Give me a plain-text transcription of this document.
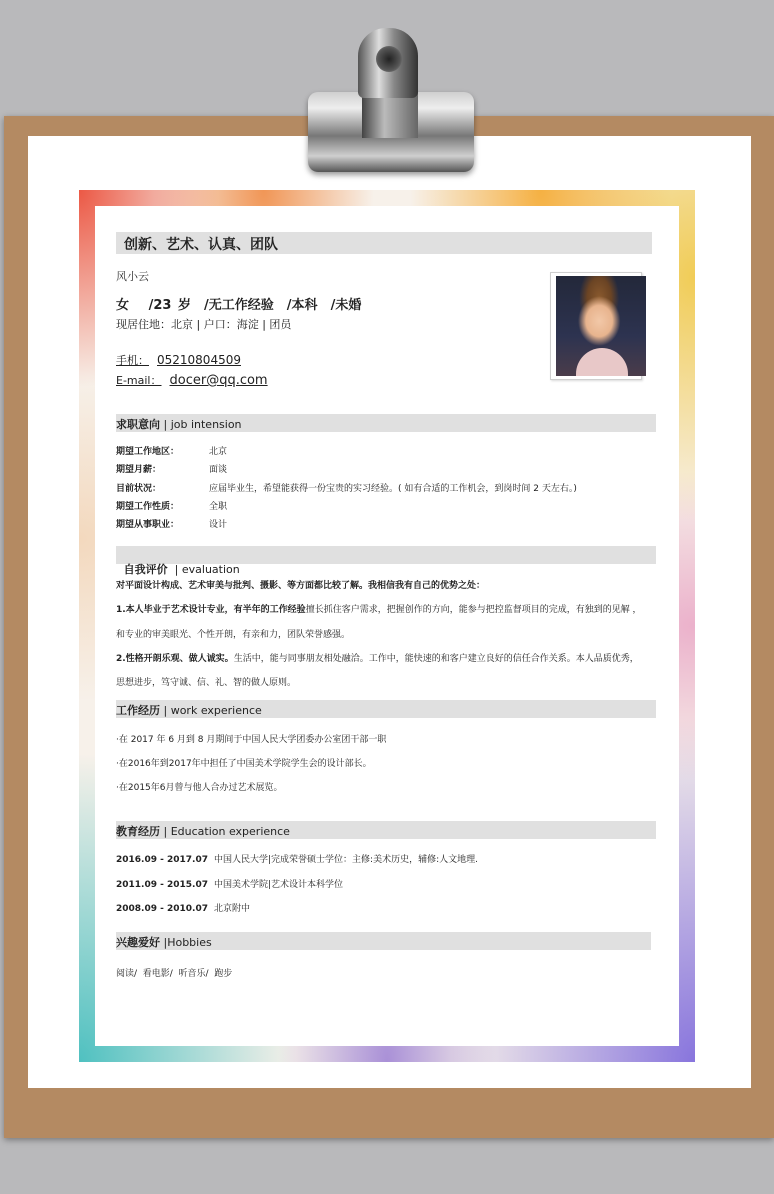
创新、艺术、认真、团队
风小云
女   /23 岁  /无工作经验  /本科  /未婚
现居住地：北京 | 户口：海淀 | 团员
手机： 05210804509
E-mail： docer@qq.com
求职意向 | job intension
期望工作地区：	北京
期望月薪：	面谈
目前状况：	应届毕业生，希望能获得一份宝贵的实习经验。( 如有合适的工作机会，到岗时间 2 天左右。)
期望工作性质：	全职
期望从事职业：	设计

自我评价  | evaluation

对平面设计构成、艺术审美与批判、摄影、等方面都比较了解。我相信我有自己的优势之处：
1.本人毕业于艺术设计专业，有半年的工作经验擅长抓住客户需求，把握创作的方向，能参与把控监督项目的完成，有独到的见解 ，
和专业的审美眼光、个性开朗，有亲和力，团队荣誉感强。
2.性格开朗乐观、做人诚实。生活中，能与同事朋友相处融洽。工作中，能快速的和客户建立良好的信任合作关系。本人品质优秀，
思想进步，笃守诚、信、礼、智的做人原则。
工作经历 | work experience
·在 2017 年 6 月到 8 月期间于中国人民大学团委办公室团干部一职
·在2016年到2017年中担任了中国美术学院学生会的设计部长。
·在2015年6月曾与他人合办过艺术展览。
教育经历 | Education experience
2016.09 - 2017.07 中国人民大学|完成荣誉硕士学位：主修:美术历史，辅修:人文地理.
2011.09 - 2015.07 中国美术学院|艺术设计本科学位
2008.09 - 2010.07 北京附中
兴趣爱好 |Hobbies
阅读/  看电影/  听音乐/  跑步
